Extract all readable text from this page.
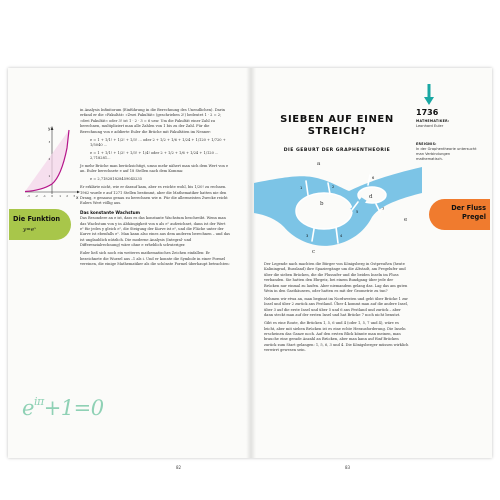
y
x
-3 -2 -1 0 1 2 3
1
2
3
Die Funktion
y=eˣ

in Analysis Infinitorum (Einführung in die Berechnung des Unendlichen). Darin erfand er die »Fakultät« »Zwei Fakultät« (geschrieben 2!) bedeutet 1 · 2 = 2; »drei Fakultät« oder 3! ist 1 · 2 · 3 = 6 usw. Um die Fakultät einer Zahl zu berechnen, multipliziert man alle Zahlen von 1 bis zu der Zahl. Für die Berechnung von e addierte Euler die Brüche mit Fakultäten im Nenner:

e = 1 + 1/1! + 1/2! + 1/3! ... oder 2 + 1/2 + 1/6 + 1/24 + 1/120 + 1/720 + 1/5040 ...

e = 1 + 1/1! + 1/2! + 1/3! + 1/4! oder 2 + 1/2 + 1/6 + 1/24 + 1/120 ... 2,718281...

Je mehr Brüche man berücksichtigt, umso mehr nähert man sich dem Wert von e an. Euler berechnete e auf 18 Stellen nach dem Komma:

e = 2,718281828459045235

Er erklärte nicht, wie er darauf kam, aber es reichte wohl, bis 1/20! zu rechnen. 1962 wurde e auf 1271 Stellen bestimmt, aber die Mathematiker hatten nie den Drang, e genauso genau zu berechnen wie π. Für die allermeisten Zwecke reicht Eulers Wert völlig aus.

Das konstante Wachstum

Das Besondere an e ist, dass es das konstante Wachstum beschreibt. Wenn man das Wachstum von y in Abhängigkeit von x als eˣ aufzeichnet, dann ist der Wert eˣ für jedes y gleich eˣ, die Steigung der Kurve ist eˣ, und die Fläche unter der Kurve ist ebenfalls eˣ. Man kann also eines aus dem anderen berechnen – und das ist unglaublich nützlich. Die moderne Analysis (Integral- und Differenzialrechnung) wäre ohne e erheblich schwieriger.

Euler ließ sich noch ein weiteres mathematisches Zeichen einfallen: Er bezeichnete die Wurzel aus –1 als i. Und er konnte die Symbole in einer Formel vereinen, die einige Mathematiker als die schönste Formel überhaupt betrachten:

$e^{i\pi}+1=0$
82
SIEBEN AUF EINEN
STREICH?
DIE GEBURT DER GRAPHENTHEORIE
a
b
c
d
e
1	2
3	4
5
6
7

Der Legende nach machten die Bürger von Königsberg in Ostpreußen (heute Kaliningrad, Russland) ihre Spaziergänge um die Altstadt, am Pregelufer und über die sieben Brücken, die die Flussufer und die beiden Inseln im Fluss verbanden. Sie hatten den Ehrgeiz, bei einem Rundgang über jede der Brücken nur einmal zu laufen. Aber niemandem gelang das. Lag das am guten Wein in den Gasthäusern, oder hatten es mit der Geometrie zu tun?

Nehmen wir etwa an, man beginnt im Nordwesten und geht über Brücke 1 zur Insel und über 2 zurück ans Festland. Über 4 kommt man auf die andere Insel, über 3 auf die erste Insel und über 5 und 6 ans Festland und zurück – aber dann steckt man auf der ersten Insel und hat Brücke 7 noch nicht benutzt.

Gibt es eine Route, die Brücken 1, 5, 6 und 4 (oder 1, 5, 7 und 4), wäre es leicht, aber mit sieben Brücken ist es eine echte Herausforderung. Die Inseln erscheinen das Ganze noch. Auf den ersten Blick könnte man meinen, man brauche eine gerade Anzahl an Brücken, aber man kann auf fünf Brücken zurück zum Start gelangen: 1, 5, 6, 3 und 4. Die Königsberger müssen wirklich verwirrt gewesen sein.

1736
MATHEMATIKER:
Leonhard Euler
EREIGNIS:
In der Graphentheorie untersucht man Verbindungen mathematisch.
Der Fluss
Pregel
83
